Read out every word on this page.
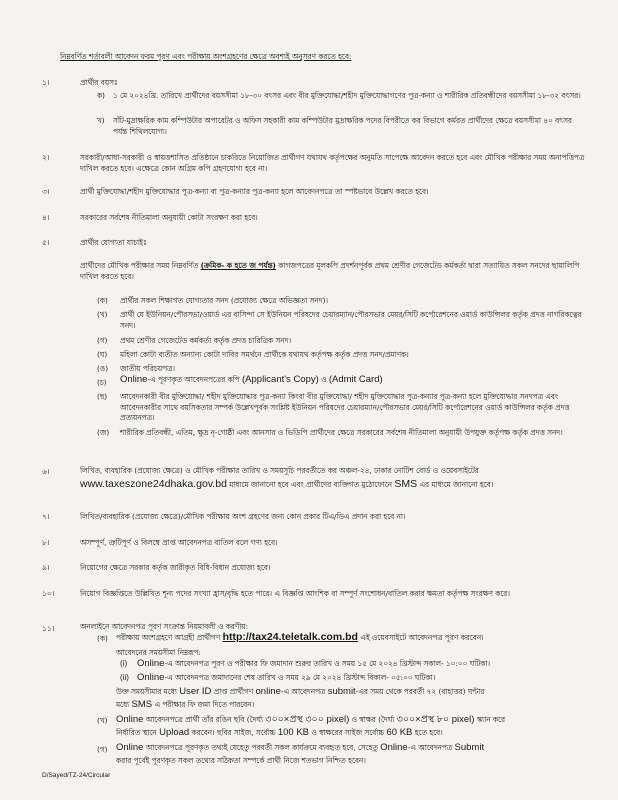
নিম্নবর্ণিত শর্তাবলী আবেদন ফরম পূরণ এবং পরীক্ষায় অংশগ্রহণের ক্ষেত্রে অবশ্যই অনুসরণ করতে হবে:
১।	প্রার্থীর বয়সঃ
ক) ১ মে ২০২৪খ্রি. তারিখে প্রার্থীদের বয়সসীমা ১৮-৩০ বৎসর এবং বীর মুক্তিযোদ্ধা/শহীদ মুক্তিযোদ্ধাগণের পুত্র-কন্যা ও শারীরিক প্রতিবন্ধীদের বয়সসীমা ১৮-৩২ বৎসর।
খ) সাঁট-মুদ্রাক্ষরিক কাম কম্পিউটার অপারেটর ও অফিস সহকারী কাম কম্পিউটার মুদ্রাক্ষরিক পদের বিপরীতে কর বিভাগে কর্মরত প্রার্থীদের ক্ষেত্রে বয়সসীমা ৪০ বৎসর পর্যন্ত শিথিলযোগ্য।
২।	সরকারী/আধা-সরকারী ও স্বায়ত্তশাসিত প্রতিষ্ঠানে চাকরিতে নিয়োজিত প্রার্থীগণ যথাযথ কর্তৃপক্ষের অনুমতি সাপেক্ষে আবেদন করতে হবে এবং মৌখিক পরীক্ষার সময় অনাপত্তিপত্র দাখিল করতে হবে। এক্ষেত্রে কোন অগ্রিম কপি গ্রহণযোগ্য হবে না।
৩।	প্রার্থী মুক্তিযোদ্ধা/শহীদ মুক্তিযোদ্ধার পুত্র-কন্যা বা পুত্র-কন্যার পুত্র-কন্যা হলে আবেদনপত্রে তা স্পষ্টভাবে উল্লেখ করতে হবে।
৪।	সরকারের সর্বশেষ নীতিমালা অনুযায়ী কোটা সংরক্ষণ করা হবে।
৫।	প্রার্থীর যোগ্যতা যাচাইঃ
প্রার্থীদের মৌখিক পরীক্ষার সময় নিম্নবর্ণিত (ক্রমিক- ক হতে জ পর্যন্ত) কাগজপত্রের মূলকপি প্রদর্শনপূর্বক প্রথম শ্রেণীর গেজেটেড কর্মকর্তা দ্বারা সত্যায়িত সকল সনদের ছায়ালিপি দাখিল করতে হবে।
(ক) প্রার্থীর সকল শিক্ষাগত যোগ্যতার সনদ (প্রযোজ্য ক্ষেত্রে অভিজ্ঞতা সনদ)।
(খ) প্রার্থী যে ইউনিয়ন/পৌরসভা/ওয়ার্ড এর বাসিন্দা সে ইউনিয়ন পরিষদের চেয়ারম্যান/পৌরসভার মেয়র/সিটি কর্পোরেশনের ওয়ার্ড কাউন্সিলর কর্তৃক প্রদত্ত নাগরিকত্বের সনদ।
(গ) প্রথম শ্রেণীর গেজেটেড কর্মকর্তা কর্তৃক প্রদত্ত চারিত্রিক সনদ।
(ঘ) মহিলা কোটা ব্যতীত অন্যান্য কোটা দাবির সমর্থনে প্রার্থীকে যথাযথ কর্তৃপক্ষ কর্তৃক প্রদত্ত সনদ/প্রমাণক।
(ঙ) জাতীয় পরিচয়পত্র।
(চ) Online-এ পূরণকৃত আবেদনপত্রের কপি (Applicant's Copy) ও (Admit Card)
(ছ) আবেদনকারী বীর মুক্তিযোদ্ধা/ শহীদ মুক্তিযোদ্ধার পুত্র-কন্যা কিংবা বীর মুক্তিযোদ্ধা/ শহীদ মুক্তিযোদ্ধার পুত্র-কন্যার পুত্র-কন্যা হলে মুক্তিযোদ্ধার সনদপত্র এবং আবেদনকারীর সাথে বয়সিকতার সম্পর্ক উল্লেখপূর্বক সংশ্লিষ্ট ইউনিয়ন পরিষদের চেয়ারম্যান/পৌরসভার মেয়র/সিটি কর্পোরেশনের ওয়ার্ড কাউন্সিলর কর্তৃক প্রদত্ত প্রত্যয়নপত্র।
(জ) শারীরিক প্রতিবন্ধী, এতিম, ক্ষুদ্র নৃ-গোষ্ঠী এবং আনসার ও ভিডিপি প্রার্থীদের ক্ষেত্রে সরকারের সর্বশেষ নীতিমালা অনুযায়ী উপযুক্ত কর্তৃপক্ষ কর্তৃক প্রদত্ত সনদ।
৬।	লিখিত, ব্যবহারিক (প্রযোজ্য ক্ষেত্রে) ও মৌখিক পরীক্ষার তারিখ ও সময়সূচি পরবর্তীতে কর অঞ্চল-২৪, ঢাকার নোটিশ বোর্ড ও ওয়েবসাইটের www.taxeszone24dhaka.gov.bd মাধ্যমে জানানো হবে এবং প্রার্থীদের ব্যক্তিগত মুঠোফোনে SMS এর মাধ্যমে জানানো হবে।
৭।	লিখিত/ব্যবহারিক (প্রযোজ্য ক্ষেত্রে)/মৌখিক পরীক্ষায় অংশ গ্রহণের জন্য কোন প্রকার টিএ/ডিএ প্রদান করা হবে না।
৮।	অসম্পূর্ণ, ত্রুটিপূর্ণ ও বিলম্বে প্রাপ্ত আবেদনপত্র বাতিল বলে গণ্য হবে।
৯।	নিয়োগের ক্ষেত্রে সরকার কর্তৃক জারীকৃত বিধি-বিধান প্রযোজ্য হবে।
১০।	নিয়োগ বিজ্ঞপ্তিতে উল্লিখিত শূন্য পদের সংখ্যা হ্রাস/বৃদ্ধি হতে পারে। এ বিজ্ঞপ্তি আংশিক বা সম্পূর্ণ সংশোধন/বাতিল করার ক্ষমতা কর্তৃপক্ষ সংরক্ষণ করে।
১১।	অনলাইনে আবেদনপত্র পূরণ সংক্রান্ত নিয়মাবলী ও করণীয়:
(ক) পরীক্ষায় অংশগ্রহণে আগ্রহী প্রার্থীগণ http://tax24.teletalk.com.bd এই ওয়েবসাইটে আবেদনপত্র পূরণ করবেন।
আবেদনের সময়সীমা নিম্নরূপ:
(i) Online-এ আবেদনপত্র পূরণ ও পরীক্ষার ফি জমাদান শুরুর তারিখ ও সময় ১৫ মে ২০২৪ খ্রিস্টাব্দ সকাল- ১০:০০ ঘটিকা।
(ii) Online-এ আবেদনপত্র জমাদানের শেষ তারিখ ও সময় ২৯ মে ২০২৪ খ্রিস্টাব্দ বিকাল- ০৫:০০ ঘটিকা।
উক্ত সময়সীমার মধ্যে User ID প্রাপ্ত প্রার্থীগণ online-এ আবেদনপত্র submit-এর সময় থেকে পরবর্তী ৭২ (বাহাত্তর) ঘন্টার
মধ্যে SMS এ পরীক্ষার ফি জমা দিতে পারবেন।
(খ) Online আবেদনপত্রে প্রার্থী তাঁর রঙিন ছবি (দৈর্ঘ্য ৩০০×প্রস্থ ৩০০ pixel) ও স্বাক্ষর (দৈর্ঘ্য ৩০০×প্রস্থ ৮০ pixel) স্ক্যান করে
নির্ধারিত স্থানে Upload করবেন। ছবির সাইজ, সর্বোচ্চ 100 KB ও স্বাক্ষরের সাইজ সর্বোচ্চ 60 KB হতে হবে।
(গ) Online আবেদনপত্রে পূরণকৃত তথ্যই যেহেতু পরবর্তী সকল কার্যক্রমে ব্যবহৃত হবে, সেহেতু Online-এ আবেদনপত্র Submit
করার পূর্বেই পূরণকৃত সকল তথ্যের সঠিকতা সম্পর্কে প্রার্থী নিজে শতভাগ নিশ্চিত হবেন।
D/Sayed/TZ-24/Circular
